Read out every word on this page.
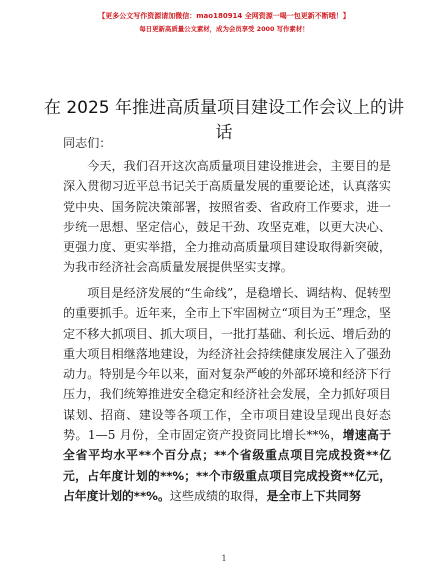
【更多公文写作资源请加微信：mao180914 全网资源一喝一包更新不断哦！】
每日更新高质量公文素材，成为会员享受 2000 写作素材！
在 2025 年推进高质量项目建设工作会议上的讲话

同志们：

今天，我们召开这次高质量项目建设推进会，主要目的是深入贯彻习近平总书记关于高质量发展的重要论述，认真落实党中央、国务院决策部署，按照省委、省政府工作要求，进一步统一思想、坚定信心，鼓足干劲、攻坚克难，以更大决心、更强力度、更实举措，全力推动高质量项目建设取得新突破，为我市经济社会高质量发展提供坚实支撑。

项目是经济发展的“生命线”，是稳增长、调结构、促转型的重要抓手。近年来，全市上下牢固树立“项目为王”理念，坚定不移大抓项目、抓大项目，一批打基础、利长远、增后劲的重大项目相继落地建设，为经济社会持续健康发展注入了强劲动力。特别是今年以来，面对复杂严峻的外部环境和经济下行压力，我们统筹推进安全稳定和经济社会发展，全力抓好项目谋划、招商、建设等各项工作，全市项目建设呈现出良好态势。1—5 月份，全市固定资产投资同比增长**%，增速高于全省平均水平**个百分点；**个省级重点项目完成投资**亿元，占年度计划的**%；**个市级重点项目完成投资**亿元，占年度计划的**%。这些成绩的取得，是全市上下共同努

1
